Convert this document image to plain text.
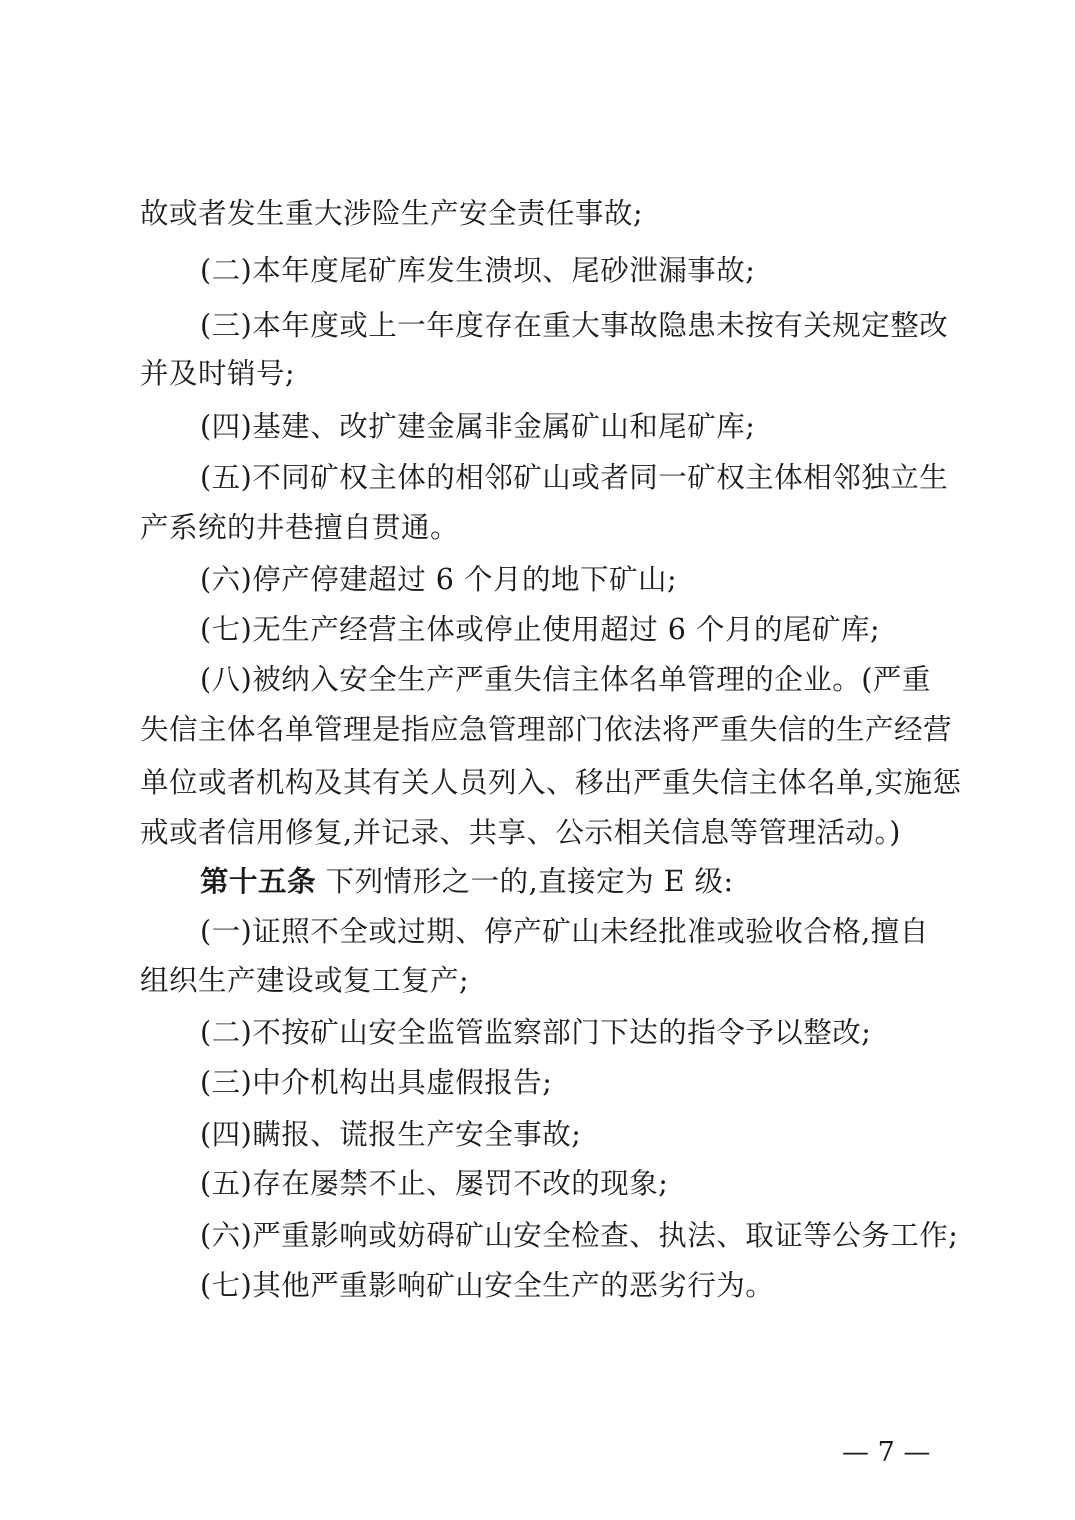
故或者发生重大涉险生产安全责任事故;
(二)本年度尾矿库发生溃坝、尾砂泄漏事故;
(三)本年度或上一年度存在重大事故隐患未按有关规定整改
并及时销号;
(四)基建、改扩建金属非金属矿山和尾矿库;
(五)不同矿权主体的相邻矿山或者同一矿权主体相邻独立生
产系统的井巷擅自贯通。
(六)停产停建超过 6 个月的地下矿山;
(七)无生产经营主体或停止使用超过 6 个月的尾矿库;
(八)被纳入安全生产严重失信主体名单管理的企业。(严重
失信主体名单管理是指应急管理部门依法将严重失信的生产经营
单位或者机构及其有关人员列入、移出严重失信主体名单,实施惩
戒或者信用修复,并记录、共享、公示相关信息等管理活动。)
第十五条 下列情形之一的,直接定为 E 级:
(一)证照不全或过期、停产矿山未经批准或验收合格,擅自
组织生产建设或复工复产;
(二)不按矿山安全监管监察部门下达的指令予以整改;
(三)中介机构出具虚假报告;
(四)瞒报、谎报生产安全事故;
(五)存在屡禁不止、屡罚不改的现象;
(六)严重影响或妨碍矿山安全检查、执法、取证等公务工作;
(七)其他严重影响矿山安全生产的恶劣行为。
— 7 —
